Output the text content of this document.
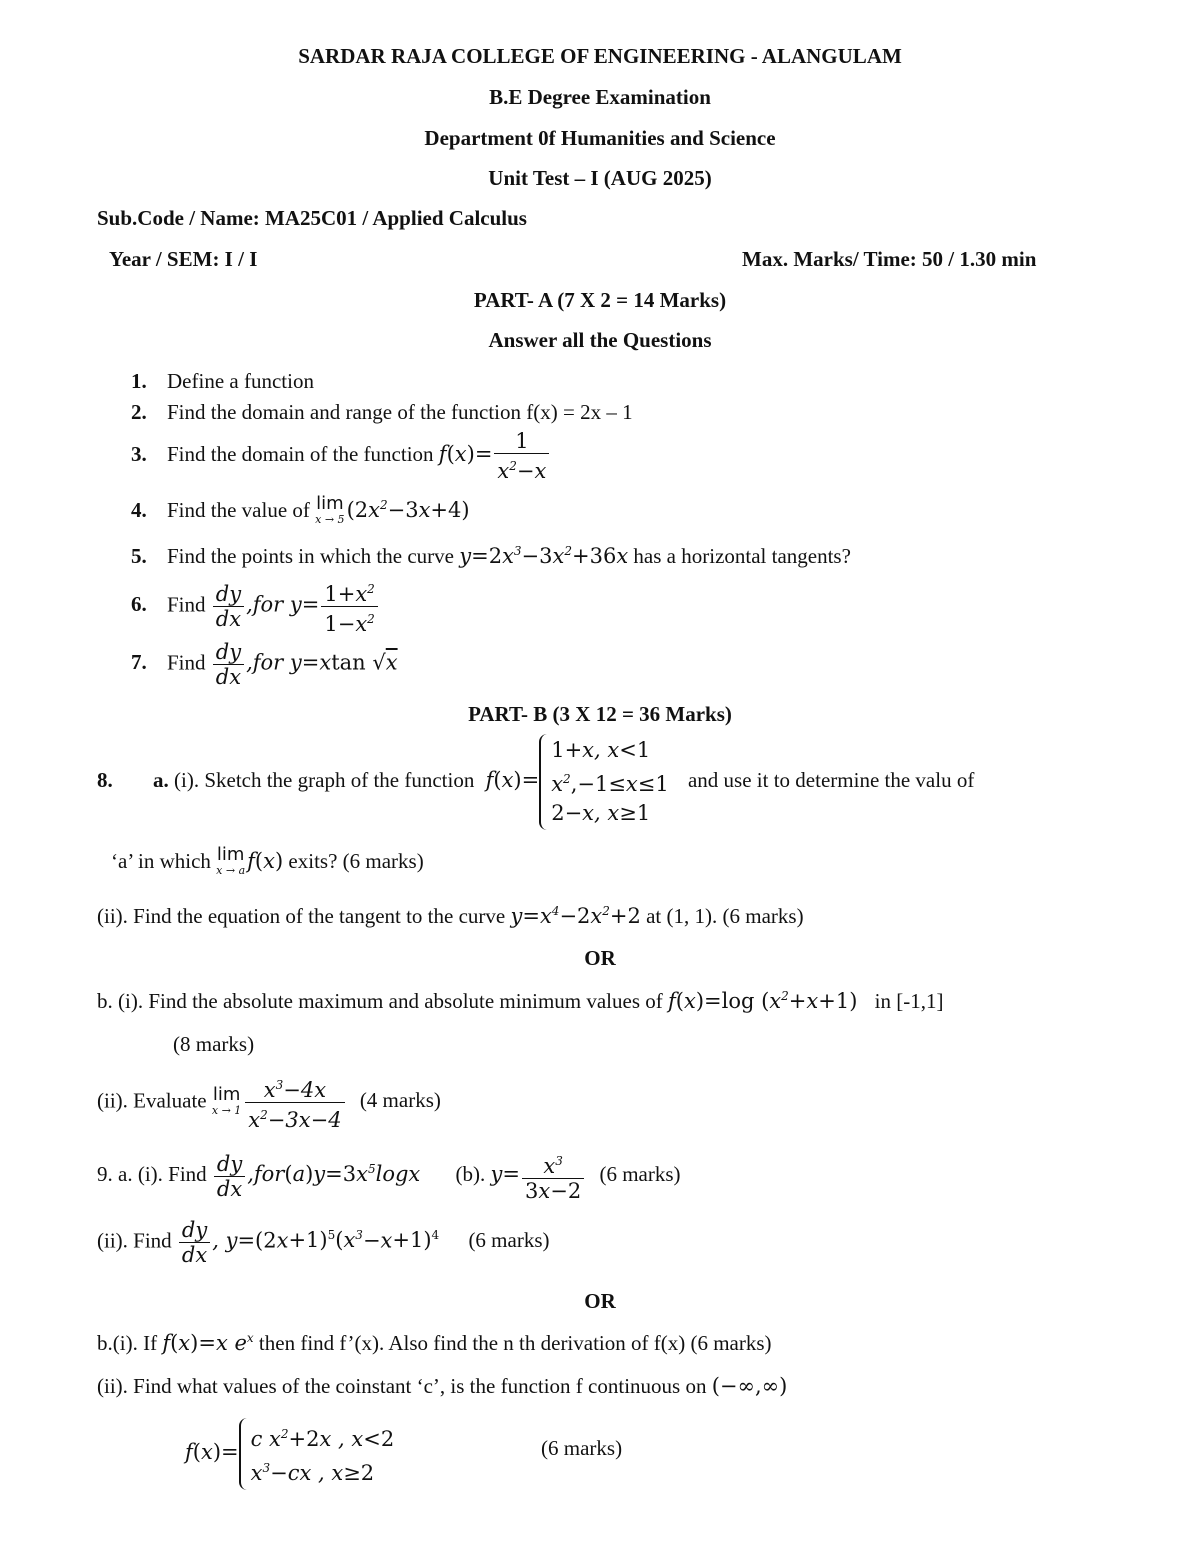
SARDAR RAJA COLLEGE OF ENGINEERING - ALANGULAM
B.E Degree Examination
Department 0f Humanities and Science
Unit Test – I (AUG 2025)
Sub.Code / Name: MA25C01 / Applied Calculus
Year / SEM: I / I	Max. Marks/ Time: 50 / 1.30 min
PART- A (7 X 2 = 14 Marks)
Answer all the Questions
1. Define a function
2. Find the domain and range of the function f(x) = 2x – 1
3. Find the domain of the function $f(x)= \frac{1}{x^2-x}$
4. Find the value of lim
x → 5 $(2x^2-3x+4)$
5. Find the points in which the curve $y=2x^3-3x^2+36x$ has a horizontal tangents?
6. Find $\frac{dy}{dx} ,for$ $y= \frac{1+x^2}{1-x^2}$
7. Find $\frac{dy}{dx} ,for$ y=xtan √x
PART- B (3 X 12 = 36 Marks)
8. a. (i). Sketch the graph of the function f(x)=
1+x, x<1
$x^2,-1\le x\le 1$
2−x, x≥1
and use it to determine the valu of
‘a’ in which lim
x → a f(x) exits? (6 marks)
(ii). Find the equation of the tangent to the curve $y=x^4-2x^2+2$ at (1, 1). (6 marks)
OR
b. (i). Find the absolute maximum and absolute minimum values of f(x)=log $(x^2+x+1)$ in [-1,1]
(8 marks)
(ii). Evaluate lim
$x \to 1 \frac{x^3-4x}{x^2-3x-4} (4$ marks)
9. a. (i). Find $\frac{dy}{dx} ,for(a)y=3x^5\log x$ (b). $y= \frac{x^3}{3x-2} (6$ marks)
(ii). Find $\frac{dy}{dx}$ , $y=(2x+1)^5(x^3-x+1)^4$ (6 marks)
OR
b.(i). If f(x)=x $e^x$ then find f’(x). Also find the n th derivation of f(x) (6 marks)
(ii). Find what values of the coinstant ‘c’, is the function f continuous on (−∞,∞)
f(x)=
c $x^2+2x$ , x<2
$x^3-cx$ , x≥2
(6 marks)
